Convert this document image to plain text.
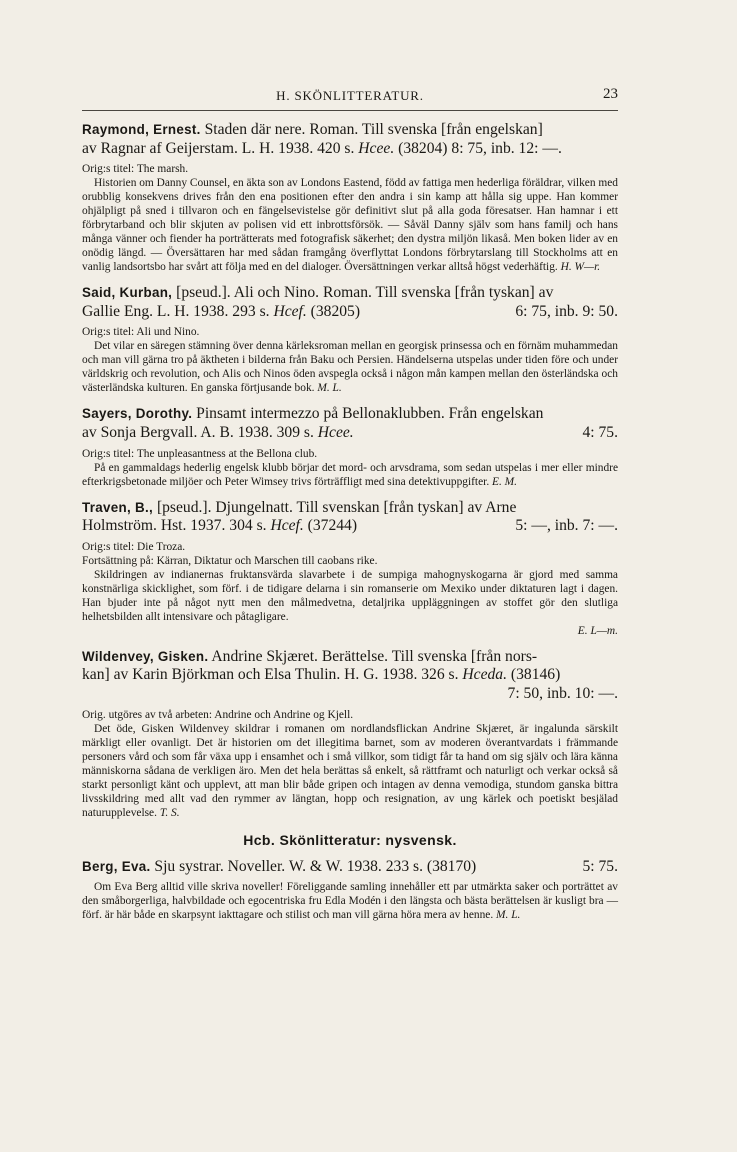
H. SKÖNLITTERATUR.	23
Raymond, Ernest. Staden där nere. Roman. Till svenska [från engelskan]
av Ragnar af Geijerstam. L. H. 1938. 420 s. Hcee. (38204) 8: 75, inb. 12: —.
Orig:s titel: The marsh.
Historien om Danny Counsel, en äkta son av Londons Eastend, född av fattiga men hederliga föräldrar, vilken med orubblig konsekvens drives från den ena positionen efter den andra i sin kamp att hålla sig uppe. Han kommer ohjälpligt på sned i tillvaron och en fängelsevistelse gör definitivt slut på alla goda föresatser. Han hamnar i ett förbrytarband och blir skjuten av polisen vid ett inbrottsförsök. — Såväl Danny själv som hans familj och hans många vänner och fiender ha porträtterats med fotografisk säkerhet; den dystra miljön likaså. Men boken lider av en onödig längd. — Översättaren har med sådan framgång överflyttat Londons förbrytarslang till Stockholms att en vanlig landsortsbo har svårt att följa med en del dialoger. Översättningen verkar alltså högst vederhäftig. H. W—r.
Said, Kurban, [pseud.]. Ali och Nino. Roman. Till svenska [från tyskan] av
Gallie Eng. L. H. 1938. 293 s. Hcef. (38205)	6: 75, inb. 9: 50.
Orig:s titel: Ali und Nino.
Det vilar en säregen stämning över denna kärleksroman mellan en georgisk prinsessa och en förnäm muhammedan och man vill gärna tro på äktheten i bilderna från Baku och Persien. Händelserna utspelas under tiden före och under världskrig och revolution, och Alis och Ninos öden avspegla också i någon mån kampen mellan den österländska och västerländska kulturen. En ganska förtjusande bok. M. L.
Sayers, Dorothy. Pinsamt intermezzo på Bellonaklubben. Från engelskan
av Sonja Bergvall. A. B. 1938. 309 s. Hcee.	4: 75.
Orig:s titel: The unpleasantness at the Bellona club.
På en gammaldags hederlig engelsk klubb börjar det mord- och arvsdrama, som sedan utspelas i mer eller mindre efterkrigsbetonade miljöer och Peter Wimsey trivs förträffligt med sina detektivuppgifter. E. M.
Traven, B., [pseud.]. Djungelnatt. Till svenskan [från tyskan] av Arne
Holmström. Hst. 1937. 304 s. Hcef. (37244)	5: —, inb. 7: —.
Orig:s titel: Die Troza.
Fortsättning på: Kärran, Diktatur och Marschen till caobans rike.
Skildringen av indianernas fruktansvärda slavarbete i de sumpiga mahognyskogarna är gjord med samma konstnärliga skicklighet, som förf. i de tidigare delarna i sin romanserie om Mexiko under diktaturen lagt i dagen. Han bjuder inte på något nytt men den målmedvetna, detaljrika uppläggningen av stoffet gör den slutliga helhetsbilden allt intensivare och påtagligare.
E. L—m.
Wildenvey, Gisken. Andrine Skjæret. Berättelse. Till svenska [från nors-
kan] av Karin Björkman och Elsa Thulin. H. G. 1938. 326 s. Hceda. (38146)
7: 50, inb. 10: —.
Orig. utgöres av två arbeten: Andrine och Andrine og Kjell.
Det öde, Gisken Wildenvey skildrar i romanen om nordlandsflickan Andrine Skjæret, är ingalunda särskilt märkligt eller ovanligt. Det är historien om det illegitima barnet, som av moderen överantvardats i främmande personers vård och som får växa upp i ensamhet och i små villkor, som tidigt får ta hand om sig själv och lära känna människorna sådana de verkligen äro. Men det hela berättas så enkelt, så rättframt och naturligt och verkar också så starkt personligt känt och upplevt, att man blir både gripen och intagen av denna vemodiga, stundom ganska bittra livsskildring med allt vad den rymmer av längtan, hopp och resignation, av ung kärlek och poetiskt besjälad naturupplevelse. T. S.
Hcb. Skönlitteratur: nysvensk.
Berg, Eva. Sju systrar. Noveller. W. & W. 1938. 233 s. (38170)	5: 75.
Om Eva Berg alltid ville skriva noveller! Föreliggande samling innehåller ett par utmärkta saker och porträttet av den småborgerliga, halvbildade och egocentriska fru Edla Modén i den längsta och bästa berättelsen är kusligt bra — förf. är här både en skarpsynt iakttagare och stilist och man vill gärna höra mera av henne. M. L.
